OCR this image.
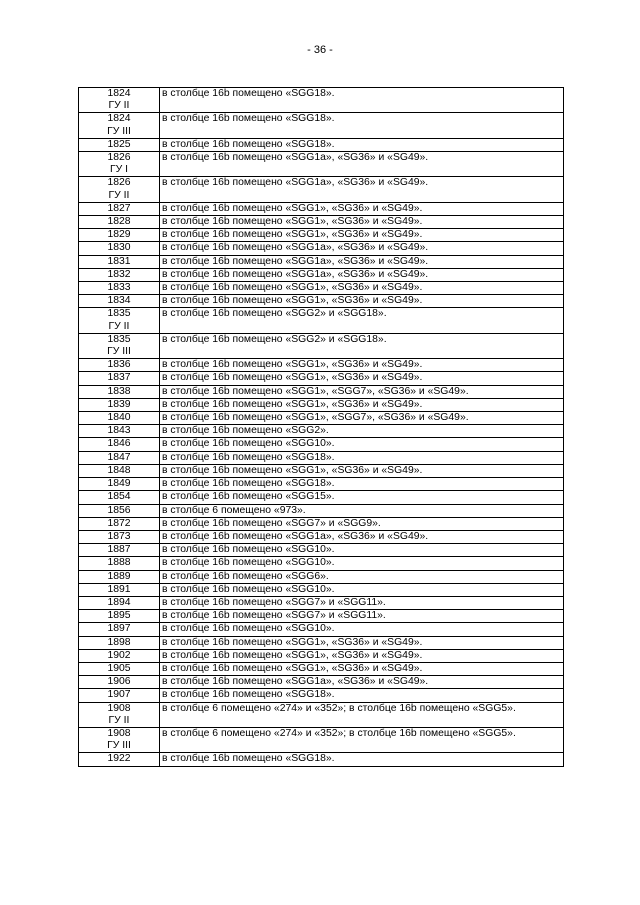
- 36 -
1824
ГУ II	в столбце 16b помещено «SGG18».

1824
ГУ III	в столбце 16b помещено «SGG18».

1825	в столбце 16b помещено «SGG18».

1826
ГУ I	в столбце 16b помещено «SGG1a», «SG36» и «SG49».

1826
ГУ II	в столбце 16b помещено «SGG1a», «SG36» и «SG49».

1827	в столбце 16b помещено «SGG1», «SG36» и «SG49».

1828	в столбце 16b помещено «SGG1», «SG36» и «SG49».

1829	в столбце 16b помещено «SGG1», «SG36» и «SG49».

1830	в столбце 16b помещено «SGG1a», «SG36» и «SG49».

1831	в столбце 16b помещено «SGG1a», «SG36» и «SG49».

1832	в столбце 16b помещено «SGG1a», «SG36» и «SG49».

1833	в столбце 16b помещено «SGG1», «SG36» и «SG49».

1834	в столбце 16b помещено «SGG1», «SG36» и «SG49».

1835
ГУ II	в столбце 16b помещено «SGG2» и «SGG18».

1835
ГУ III	в столбце 16b помещено «SGG2» и «SGG18».

1836	в столбце 16b помещено «SGG1», «SG36» и «SG49».

1837	в столбце 16b помещено «SGG1», «SG36» и «SG49».

1838	в столбце 16b помещено «SGG1», «SGG7», «SG36» и «SG49».

1839	в столбце 16b помещено «SGG1», «SG36» и «SG49».

1840	в столбце 16b помещено «SGG1», «SGG7», «SG36» и «SG49».

1843	в столбце 16b помещено «SGG2».

1846	в столбце 16b помещено «SGG10».

1847	в столбце 16b помещено «SGG18».

1848	в столбце 16b помещено «SGG1», «SG36» и «SG49».

1849	в столбце 16b помещено «SGG18».

1854	в столбце 16b помещено «SGG15».

1856	в столбце 6 помещено «973».

1872	в столбце 16b помещено «SGG7» и «SGG9».

1873	в столбце 16b помещено «SGG1a», «SG36» и «SG49».

1887	в столбце 16b помещено «SGG10».

1888	в столбце 16b помещено «SGG10».

1889	в столбце 16b помещено «SGG6».

1891	в столбце 16b помещено «SGG10».

1894	в столбце 16b помещено «SGG7» и «SGG11».

1895	в столбце 16b помещено «SGG7» и «SGG11».

1897	в столбце 16b помещено «SGG10».

1898	в столбце 16b помещено «SGG1», «SG36» и «SG49».

1902	в столбце 16b помещено «SGG1», «SG36» и «SG49».

1905	в столбце 16b помещено «SGG1», «SG36» и «SG49».

1906	в столбце 16b помещено «SGG1a», «SG36» и «SG49».

1907	в столбце 16b помещено «SGG18».

1908
ГУ II	в столбце 6 помещено «274» и «352»; в столбце 16b помещено «SGG5».

1908
ГУ III	в столбце 6 помещено «274» и «352»; в столбце 16b помещено «SGG5».

1922	в столбце 16b помещено «SGG18».
